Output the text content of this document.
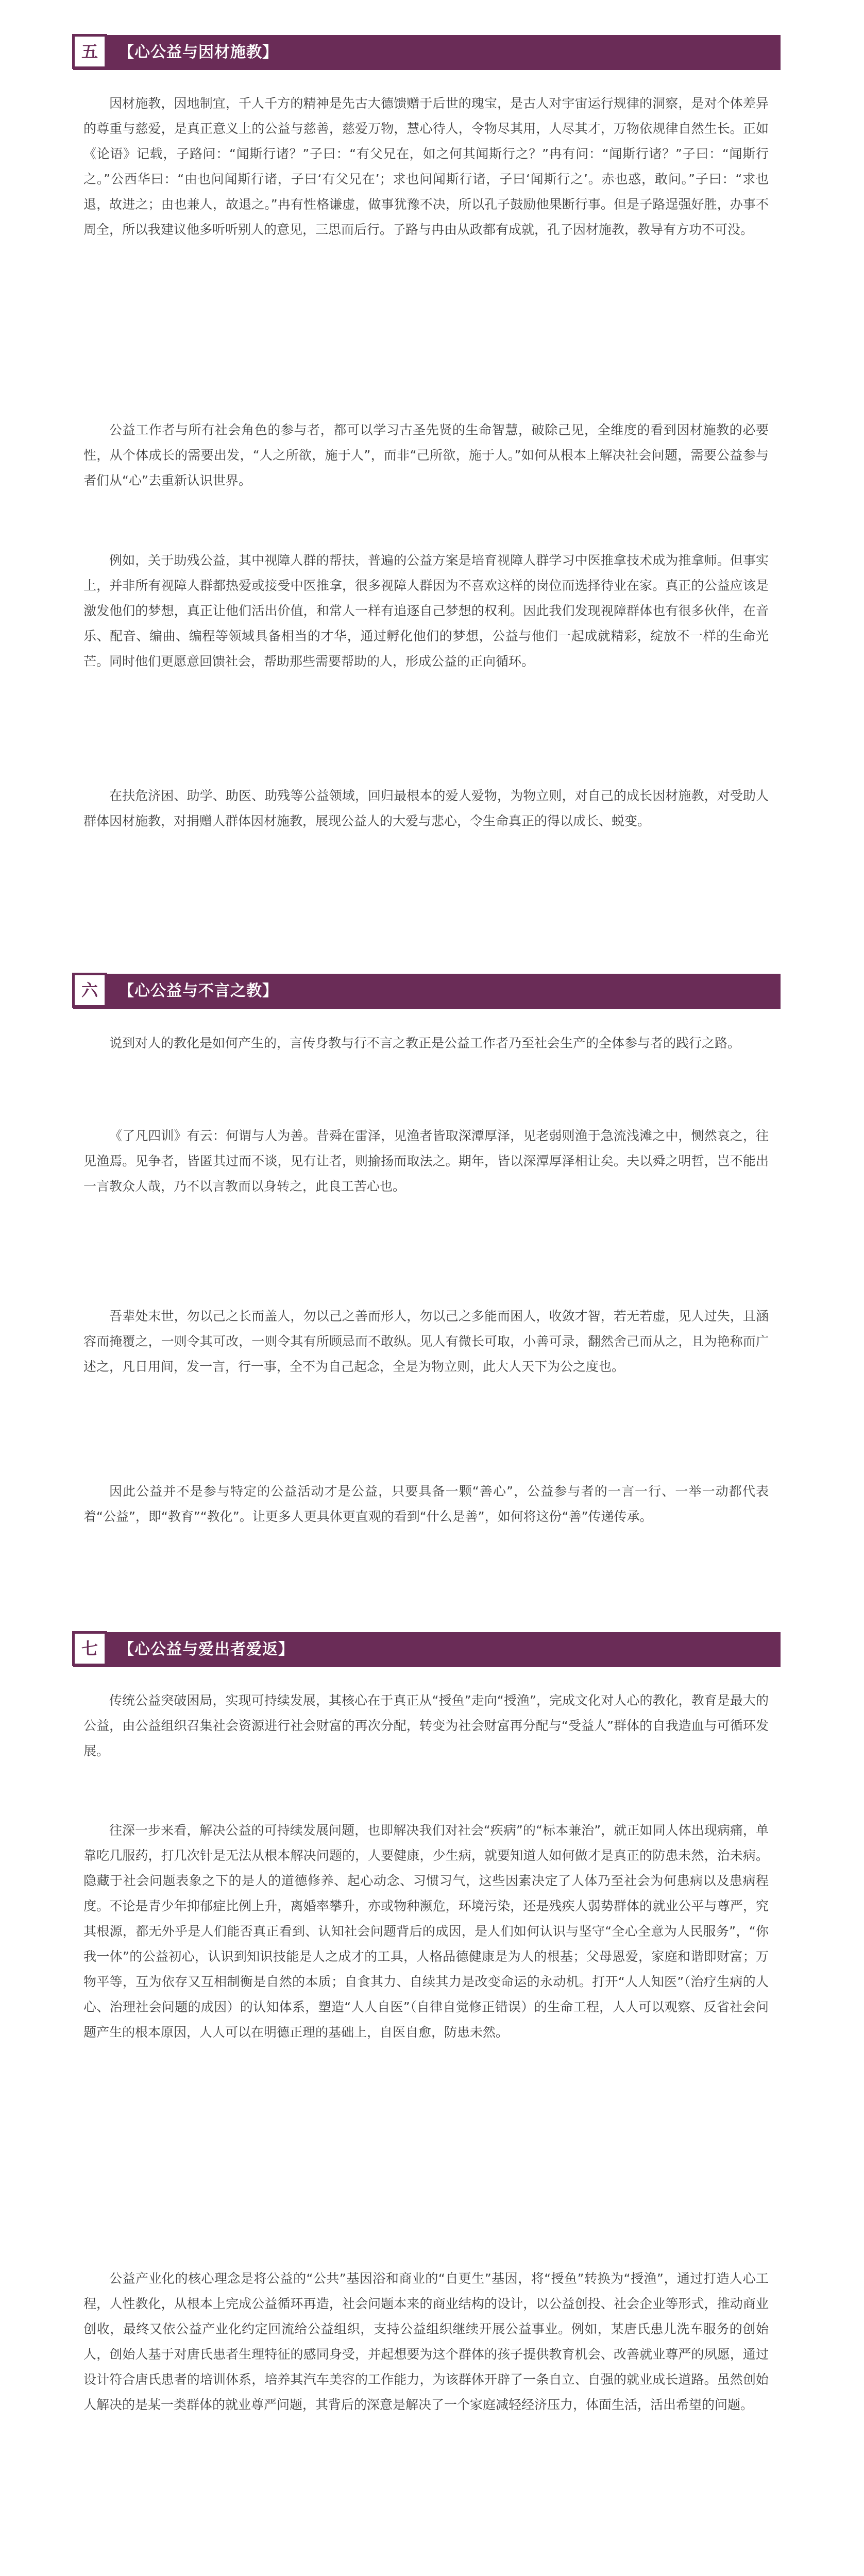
五	【心公益与因材施教】

因材施教，因地制宜，千人千方的精神是先古大德馈赠于后世的瑰宝，是古人对宇宙运行规律的洞察，是对个体差异的尊重与慈爱，是真正意义上的公益与慈善，慈爱万物，慧心待人，令物尽其用，人尽其才，万物依规律自然生长。正如《论语》记载，子路问：“闻斯行诸？”子曰：“有父兄在，如之何其闻斯行之？”冉有问：“闻斯行诸？”子曰：“闻斯行之。”公西华曰：“由也问闻斯行诸，子曰‘有父兄在’；求也问闻斯行诸，子曰‘闻斯行之’。赤也惑，敢问。”子曰：“求也退，故进之；由也兼人，故退之。”冉有性格谦虚，做事犹豫不决，所以孔子鼓励他果断行事。但是子路逞强好胜，办事不周全，所以我建议他多听听别人的意见，三思而后行。子路与冉由从政都有成就，孔子因材施教，教导有方功不可没。

公益工作者与所有社会角色的参与者，都可以学习古圣先贤的生命智慧，破除己见，全维度的看到因材施教的必要性，从个体成长的需要出发，“人之所欲，施于人”，而非“己所欲，施于人。”如何从根本上解决社会问题，需要公益参与者们从“心”去重新认识世界。

例如，关于助残公益，其中视障人群的帮扶，普遍的公益方案是培育视障人群学习中医推拿技术成为推拿师。但事实上，并非所有视障人群都热爱或接受中医推拿，很多视障人群因为不喜欢这样的岗位而选择待业在家。真正的公益应该是激发他们的梦想，真正让他们活出价值，和常人一样有追逐自己梦想的权利。因此我们发现视障群体也有很多伙伴，在音乐、配音、编曲、编程等领域具备相当的才华，通过孵化他们的梦想，公益与他们一起成就精彩，绽放不一样的生命光芒。同时他们更愿意回馈社会，帮助那些需要帮助的人，形成公益的正向循环。

在扶危济困、助学、助医、助残等公益领域，回归最根本的爱人爱物，为物立则，对自己的成长因材施教，对受助人群体因材施教，对捐赠人群体因材施教，展现公益人的大爱与悲心，令生命真正的得以成长、蜕变。

六	【心公益与不言之教】

说到对人的教化是如何产生的，言传身教与行不言之教正是公益工作者乃至社会生产的全体参与者的践行之路。

《了凡四训》有云：何谓与人为善。昔舜在雷泽，见渔者皆取深潭厚泽，见老弱则渔于急流浅滩之中，恻然哀之，往见渔焉。见争者，皆匿其过而不谈，见有让者，则揄扬而取法之。期年，皆以深潭厚泽相让矣。夫以舜之明哲，岂不能出一言教众人哉，乃不以言教而以身转之，此良工苦心也。

吾辈处末世，勿以己之长而盖人，勿以己之善而形人，勿以己之多能而困人，收敛才智，若无若虚，见人过失，且涵容而掩覆之，一则令其可改，一则令其有所顾忌而不敢纵。见人有微长可取，小善可录，翻然舍己而从之，且为艳称而广述之，凡日用间，发一言，行一事，全不为自己起念，全是为物立则，此大人天下为公之度也。

因此公益并不是参与特定的公益活动才是公益，只要具备一颗“善心”，公益参与者的一言一行、一举一动都代表着“公益”，即“教育”“教化”。让更多人更具体更直观的看到“什么是善”，如何将这份“善”传递传承。

七	【心公益与爱出者爱返】

传统公益突破困局，实现可持续发展，其核心在于真正从“授鱼”走向“授渔”，完成文化对人心的教化，教育是最大的公益，由公益组织召集社会资源进行社会财富的再次分配，转变为社会财富再分配与“受益人”群体的自我造血与可循环发展。

往深一步来看，解决公益的可持续发展问题，也即解决我们对社会“疾病”的“标本兼治”，就正如同人体出现病痛，单靠吃几服药，打几次针是无法从根本解决问题的，人要健康，少生病，就要知道人如何做才是真正的防患未然，治未病。隐藏于社会问题表象之下的是人的道德修养、起心动念、习惯习气，这些因素决定了人体乃至社会为何患病以及患病程度。不论是青少年抑郁症比例上升，离婚率攀升，亦或物种濒危，环境污染，还是残疾人弱势群体的就业公平与尊严，究其根源，都无外乎是人们能否真正看到、认知社会问题背后的成因，是人们如何认识与坚守“全心全意为人民服务”，“你我一体”的公益初心，认识到知识技能是人之成才的工具，人格品德健康是为人的根基；父母恩爱，家庭和谐即财富；万物平等，互为依存又互相制衡是自然的本质；自食其力、自续其力是改变命运的永动机。打开“人人知医”（治疗生病的人心、治理社会问题的成因）的认知体系，塑造“人人自医”（自律自觉修正错误）的生命工程，人人可以观察、反省社会问题产生的根本原因，人人可以在明德正理的基础上，自医自愈，防患未然。

公益产业化的核心理念是将公益的“公共”基因浴和商业的“自更生”基因，将“授鱼”转换为“授渔”，通过打造人心工程，人性教化，从根本上完成公益循环再造，社会问题本来的商业结构的设计，以公益创投、社会企业等形式，推动商业创收，最终又依公益产业化约定回流给公益组织，支持公益组织继续开展公益事业。例如，某唐氏患儿洗车服务的创始人，创始人基于对唐氏患者生理特征的感同身受，并起想要为这个群体的孩子提供教育机会、改善就业尊严的夙愿，通过设计符合唐氏患者的培训体系，培养其汽车美容的工作能力，为该群体开辟了一条自立、自强的就业成长道路。虽然创始人解决的是某一类群体的就业尊严问题，其背后的深意是解决了一个家庭减轻经济压力，体面生活，活出希望的问题。
